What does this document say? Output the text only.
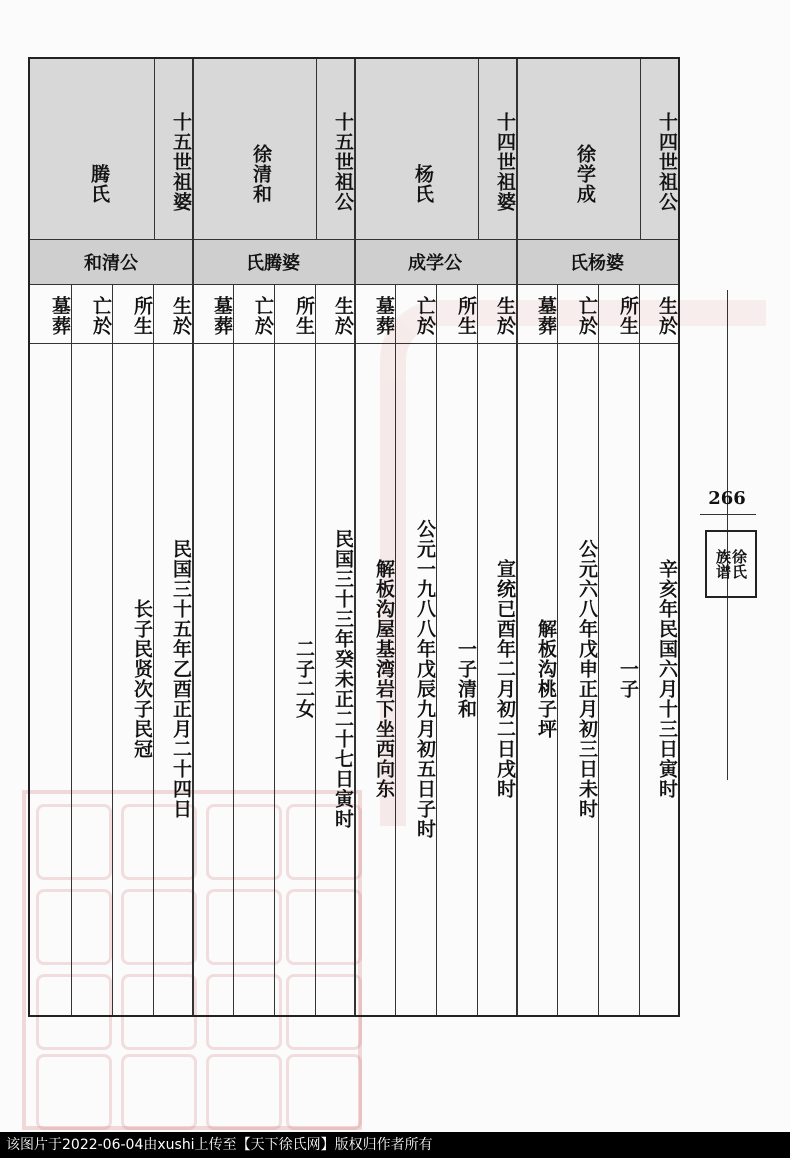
十四世祖公
徐学成
氏杨婆
十四世祖婆
杨氏
成学公
十五世祖公
徐清和
氏腾婆
十五世祖婆
腾氏
和清公
生於
辛亥年民国六月十三日寅时
所生
一子
亡於
公元六八年戊申正月初三日未时
墓葬
解板沟桃子坪
生於
宣统已酉年二月初二日戌时
所生
一子清和
亡於
公元一九八八年戊辰九月初五日子时
墓葬
解板沟屋基湾岩下坐西向东
生於
民国三十三年癸未正二十七日寅时
所生
二子二女
亡於
墓葬
生於
民国三十五年乙酉正月二十四日
所生
长子民贤次子民冠
亡於
墓葬
266
徐氏
族谱
该图片于2022-06-04由xushi上传至【天下徐氏网】版权归作者所有
